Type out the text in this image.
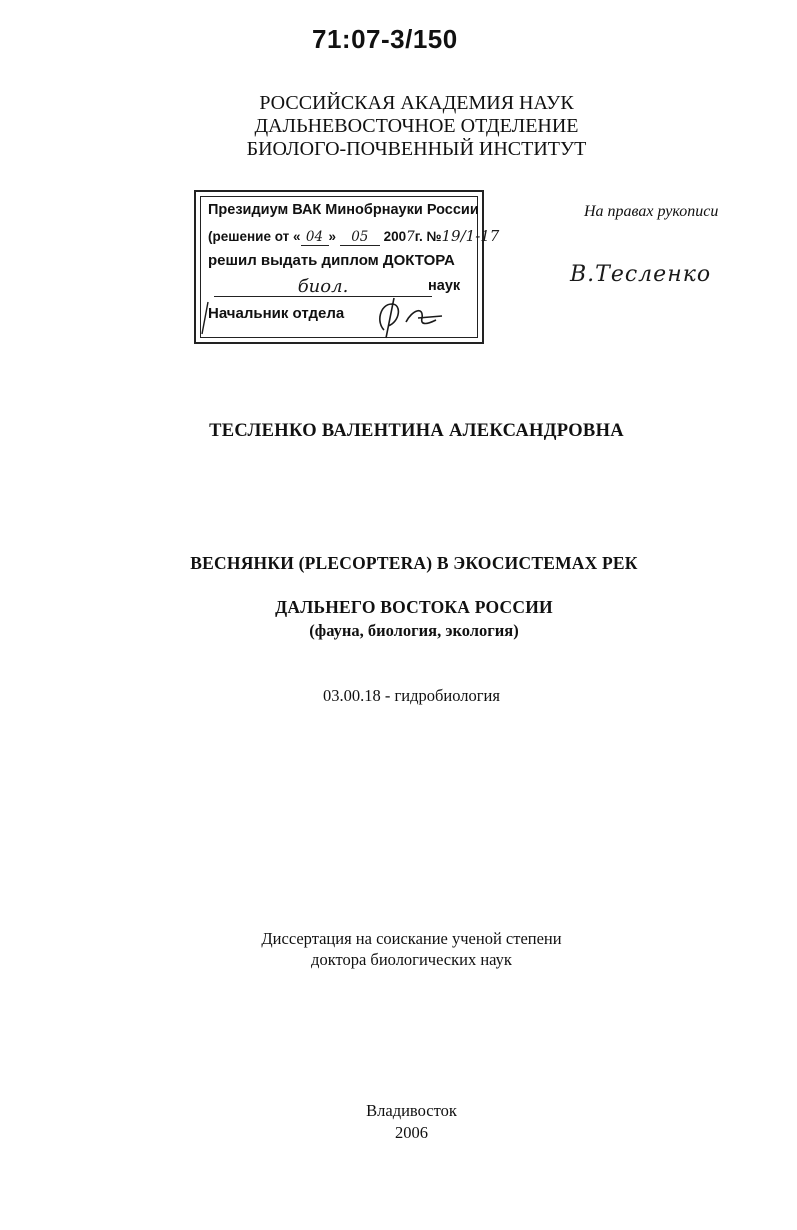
71:07-3/150
РОССИЙСКАЯ АКАДЕМИЯ НАУК
ДАЛЬНЕВОСТОЧНОЕ ОТДЕЛЕНИЕ
БИОЛОГО-ПОЧВЕННЫЙ ИНСТИТУТ
Президиум ВАК Минобрнауки России
(решение от « 04 » 05 2007г. №19/1-17
решил выдать диплом ДОКТОРА
биол.	наук
Начальник отдела
На правах рукописи
В.Тесленко
ТЕСЛЕНКО ВАЛЕНТИНА АЛЕКСАНДРОВНА
ВЕСНЯНКИ (PLECOPTERA) В ЭКОСИСТЕМАХ РЕК
ДАЛЬНЕГО ВОСТОКА РОССИИ
(фауна, биология, экология)
03.00.18 - гидробиология
Диссертация на соискание ученой степени
доктора биологических наук
Владивосток
2006
